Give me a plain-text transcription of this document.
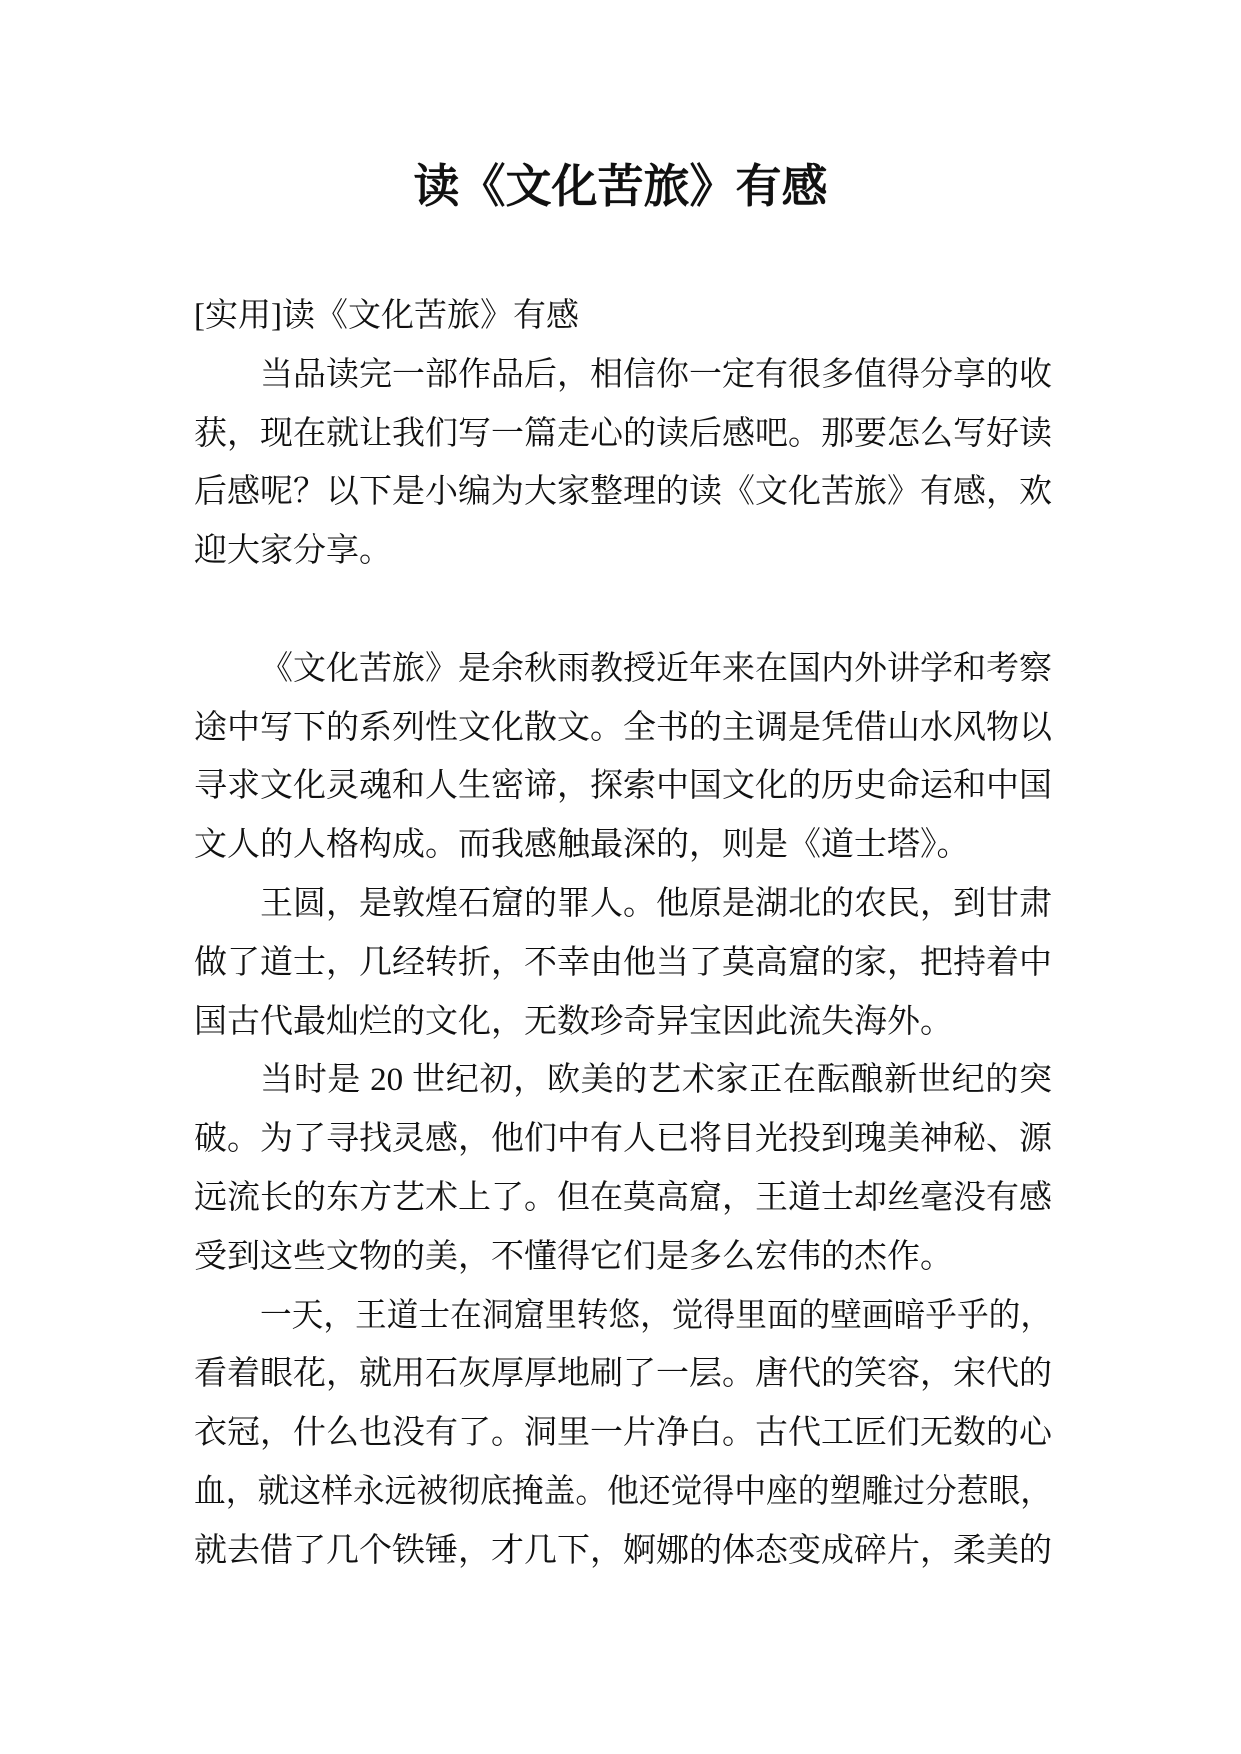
读《文化苦旅》有感
[实用]读《文化苦旅》有感
当品读完一部作品后，相信你一定有很多值得分享的收
获，现在就让我们写一篇走心的读后感吧。那要怎么写好读
后感呢？以下是小编为大家整理的读《文化苦旅》有感，欢
迎大家分享。
《文化苦旅》是余秋雨教授近年来在国内外讲学和考察
途中写下的系列性文化散文。全书的主调是凭借山水风物以
寻求文化灵魂和人生密谛，探索中国文化的历史命运和中国
文人的人格构成。而我感触最深的，则是《道士塔》。
王圆，是敦煌石窟的罪人。他原是湖北的农民，到甘肃
做了道士，几经转折，不幸由他当了莫高窟的家，把持着中
国古代最灿烂的文化，无数珍奇异宝因此流失海外。
当时是 20 世纪初，欧美的艺术家正在酝酿新世纪的突
破。为了寻找灵感，他们中有人已将目光投到瑰美神秘、源
远流长的东方艺术上了。但在莫高窟，王道士却丝毫没有感
受到这些文物的美，不懂得它们是多么宏伟的杰作。
一天，王道士在洞窟里转悠，觉得里面的壁画暗乎乎的，
看着眼花，就用石灰厚厚地刷了一层。唐代的笑容，宋代的
衣冠，什么也没有了。洞里一片净白。古代工匠们无数的心
血，就这样永远被彻底掩盖。他还觉得中座的塑雕过分惹眼，
就去借了几个铁锤，才几下，婀娜的体态变成碎片，柔美的
